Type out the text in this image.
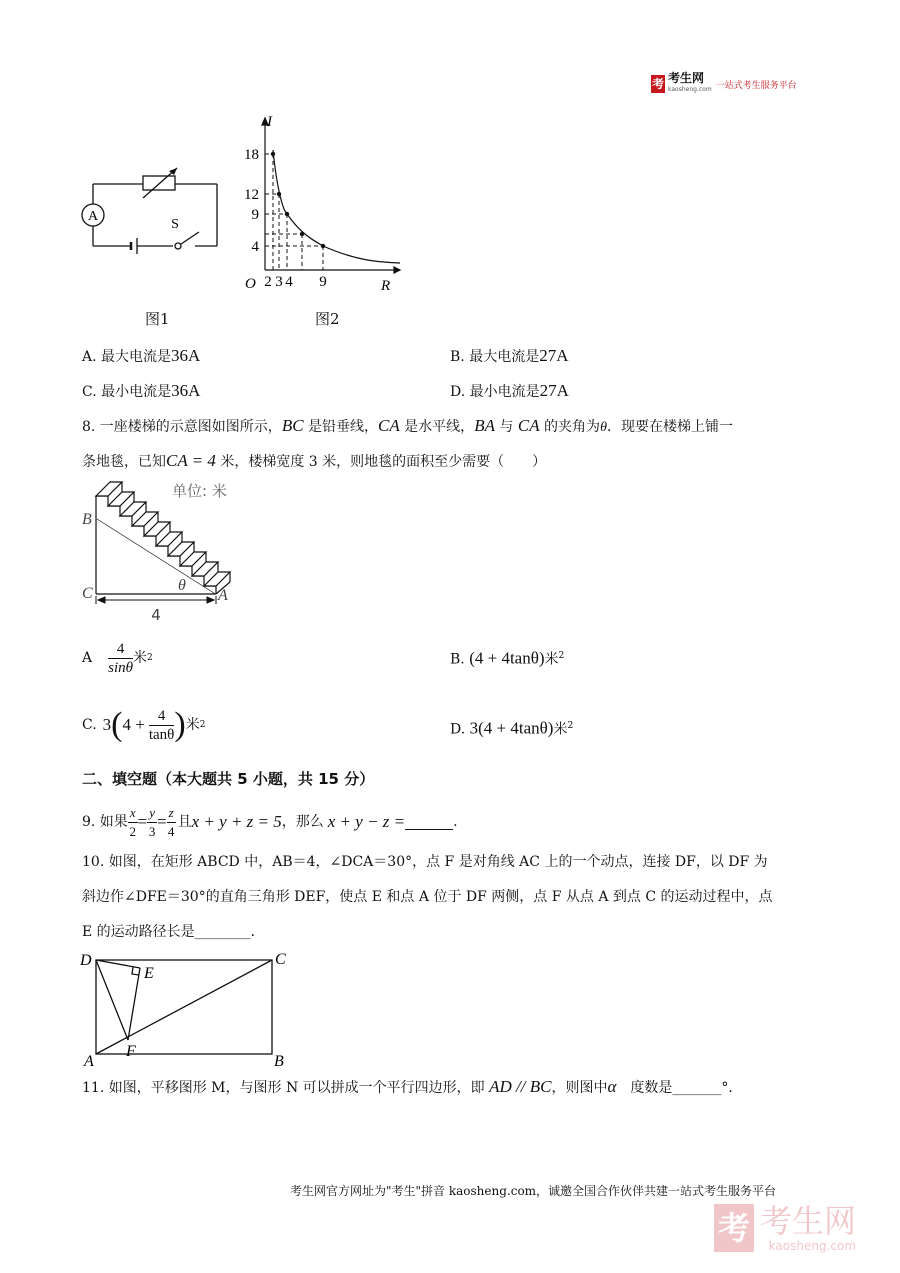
考 考生网
kaosheng.com 一站式考生服务平台
A
S
I
R
O
18
12
9
4
2 3 4 9
图1	图2
A. 最大电流是36A	B. 最大电流是27A
C. 最小电流是36A	D. 最小电流是27A
8. 一座楼梯的示意图如图所示，BC 是铅垂线，CA 是水平线，BA 与 CA 的夹角为θ．现要在楼梯上铺一
条地毯，已知CA = 4 米，楼梯宽度 3 米，则地毯的面积至少需要（　　）
单位: 米
B
C	A
θ
4
A $\frac{4}{\sin\theta}$ 米 2	B. (4 + 4tanθ)米$^2$
C. 3 ( $4 + \frac{4}{\tan\theta}$ ) 米 2	D. 3(4 + 4tanθ)米$^2$
二、填空题（本大题共 5 小题，共 15 分）
9. 如果 $\frac{x}{2} = \frac{y}{3} = \frac{z}{4}$ 且 x + y + z = 5 ，那么 x + y − z =	.
10. 如图，在矩形 ABCD 中，AB＝4，∠DCA＝30°，点 F 是对角线 AC 上的一个动点，连接 DF，以 DF 为
斜边作∠DFE＝30°的直角三角形 DEF，使点 E 和点 A 位于 DF 两侧，点 F 从点 A 到点 C 的运动过程中，点
E 的运动路径长是________．
D	C
E
A
F
B
11. 如图，平移图形 M，与图形 N 可以拼成一个平行四边形，即 AD // BC，则图中α　度数是_______°．
考生网官方网址为"考生"拼音 kaosheng.com，诚邀全国合作伙伴共建一站式考生服务平台
考 考生网
kaosheng.com
